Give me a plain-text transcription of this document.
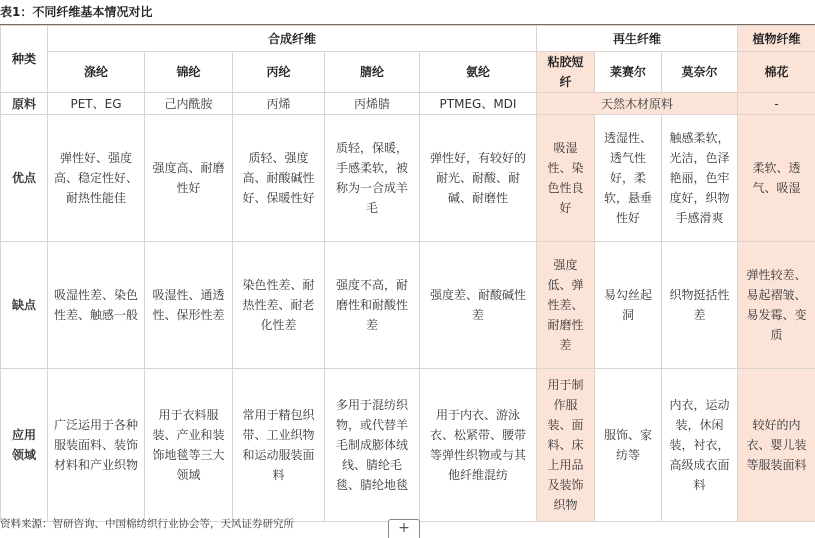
表1：不同纤维基本情况对比
种类	合成纤维					再生纤维			植物纤维
	涤纶	锦纶	丙纶	腈纶	氨纶	粘胶短纤	莱赛尔	莫奈尔	棉花
原料	PET、EG	己内酰胺	丙烯	丙烯腈	PTMEG、MDI	天然木材原料			-
优点	弹性好、强度高、稳定性好、耐热性能佳	强度高、耐磨性好	质轻、强度高、耐酸碱性好、保暖性好	质轻，保暖，手感柔软，被称为一合成羊毛	弹性好，有较好的耐光、耐酸、耐碱、耐磨性	吸湿性、染色性良好	透湿性、透气性好，柔软，悬垂性好	触感柔软，光洁，色泽艳丽，色牢度好，织物手感滑爽	柔软、透气、吸湿
缺点	吸湿性差、染色性差、触感一般	吸湿性、通透性、保形性差	染色性差、耐热性差、耐老化性差	强度不高，耐磨性和耐酸性差	强度差、耐酸碱性差	强度低、弹性差、耐磨性差	易勾丝起洞	织物挺括性差	弹性较差、易起褶皱、易发霉、变质
应用领域	广泛运用于各种服装面料、装饰材料和产业织物	用于衣料服装、产业和装饰地毯等三大领域	常用于精包织带、工业织物和运动服装面料	多用于混纺织物，或代替羊毛制成膨体绒线、腈纶毛毯、腈纶地毯	用于内衣、游泳衣、松紧带、腰带等弹性织物或与其他纤维混纺	用于制作服装、面料、床上用品及装饰织物	服饰、家纺等	内衣，运动装，休闲装，衬衣，高级成衣面料	较好的内衣、婴儿装等服装面料
资料来源：智研咨询、中国棉纺织行业协会等，天风证券研究所	+
